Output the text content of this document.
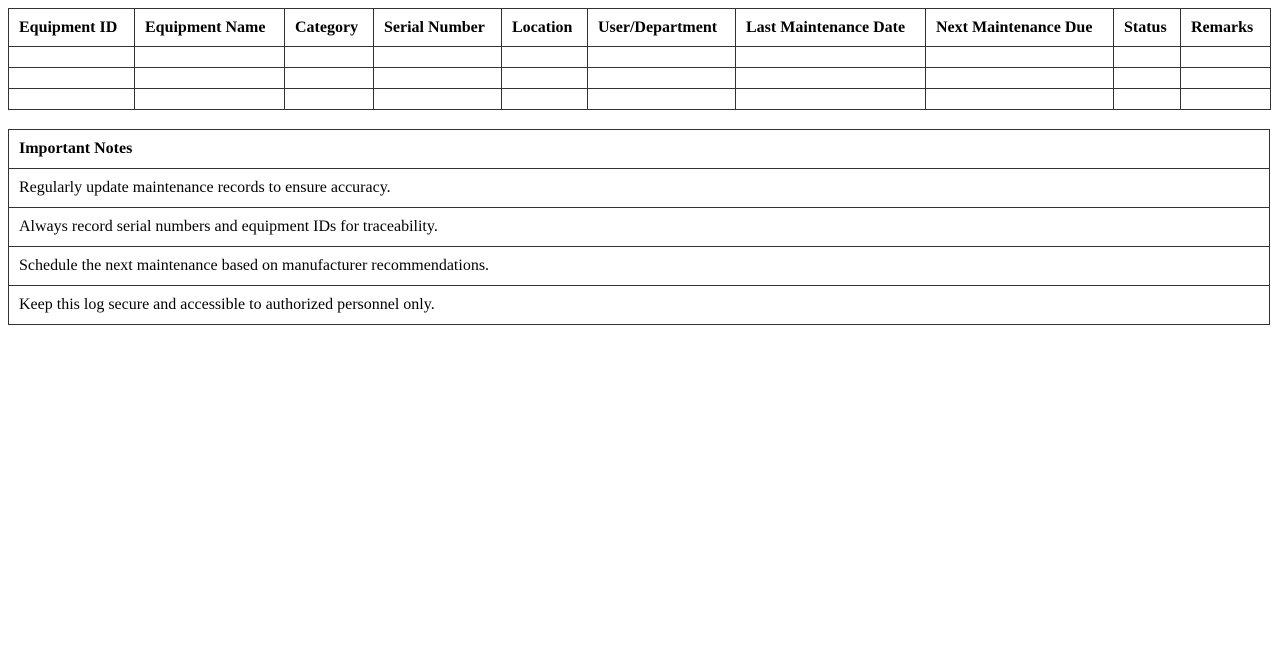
Equipment ID	Equipment Name	Category	Serial Number	Location	User/Department	Last Maintenance Date	Next Maintenance Due	Status	Remarks

Important Notes
Regularly update maintenance records to ensure accuracy.
Always record serial numbers and equipment IDs for traceability.
Schedule the next maintenance based on manufacturer recommendations.
Keep this log secure and accessible to authorized personnel only.
